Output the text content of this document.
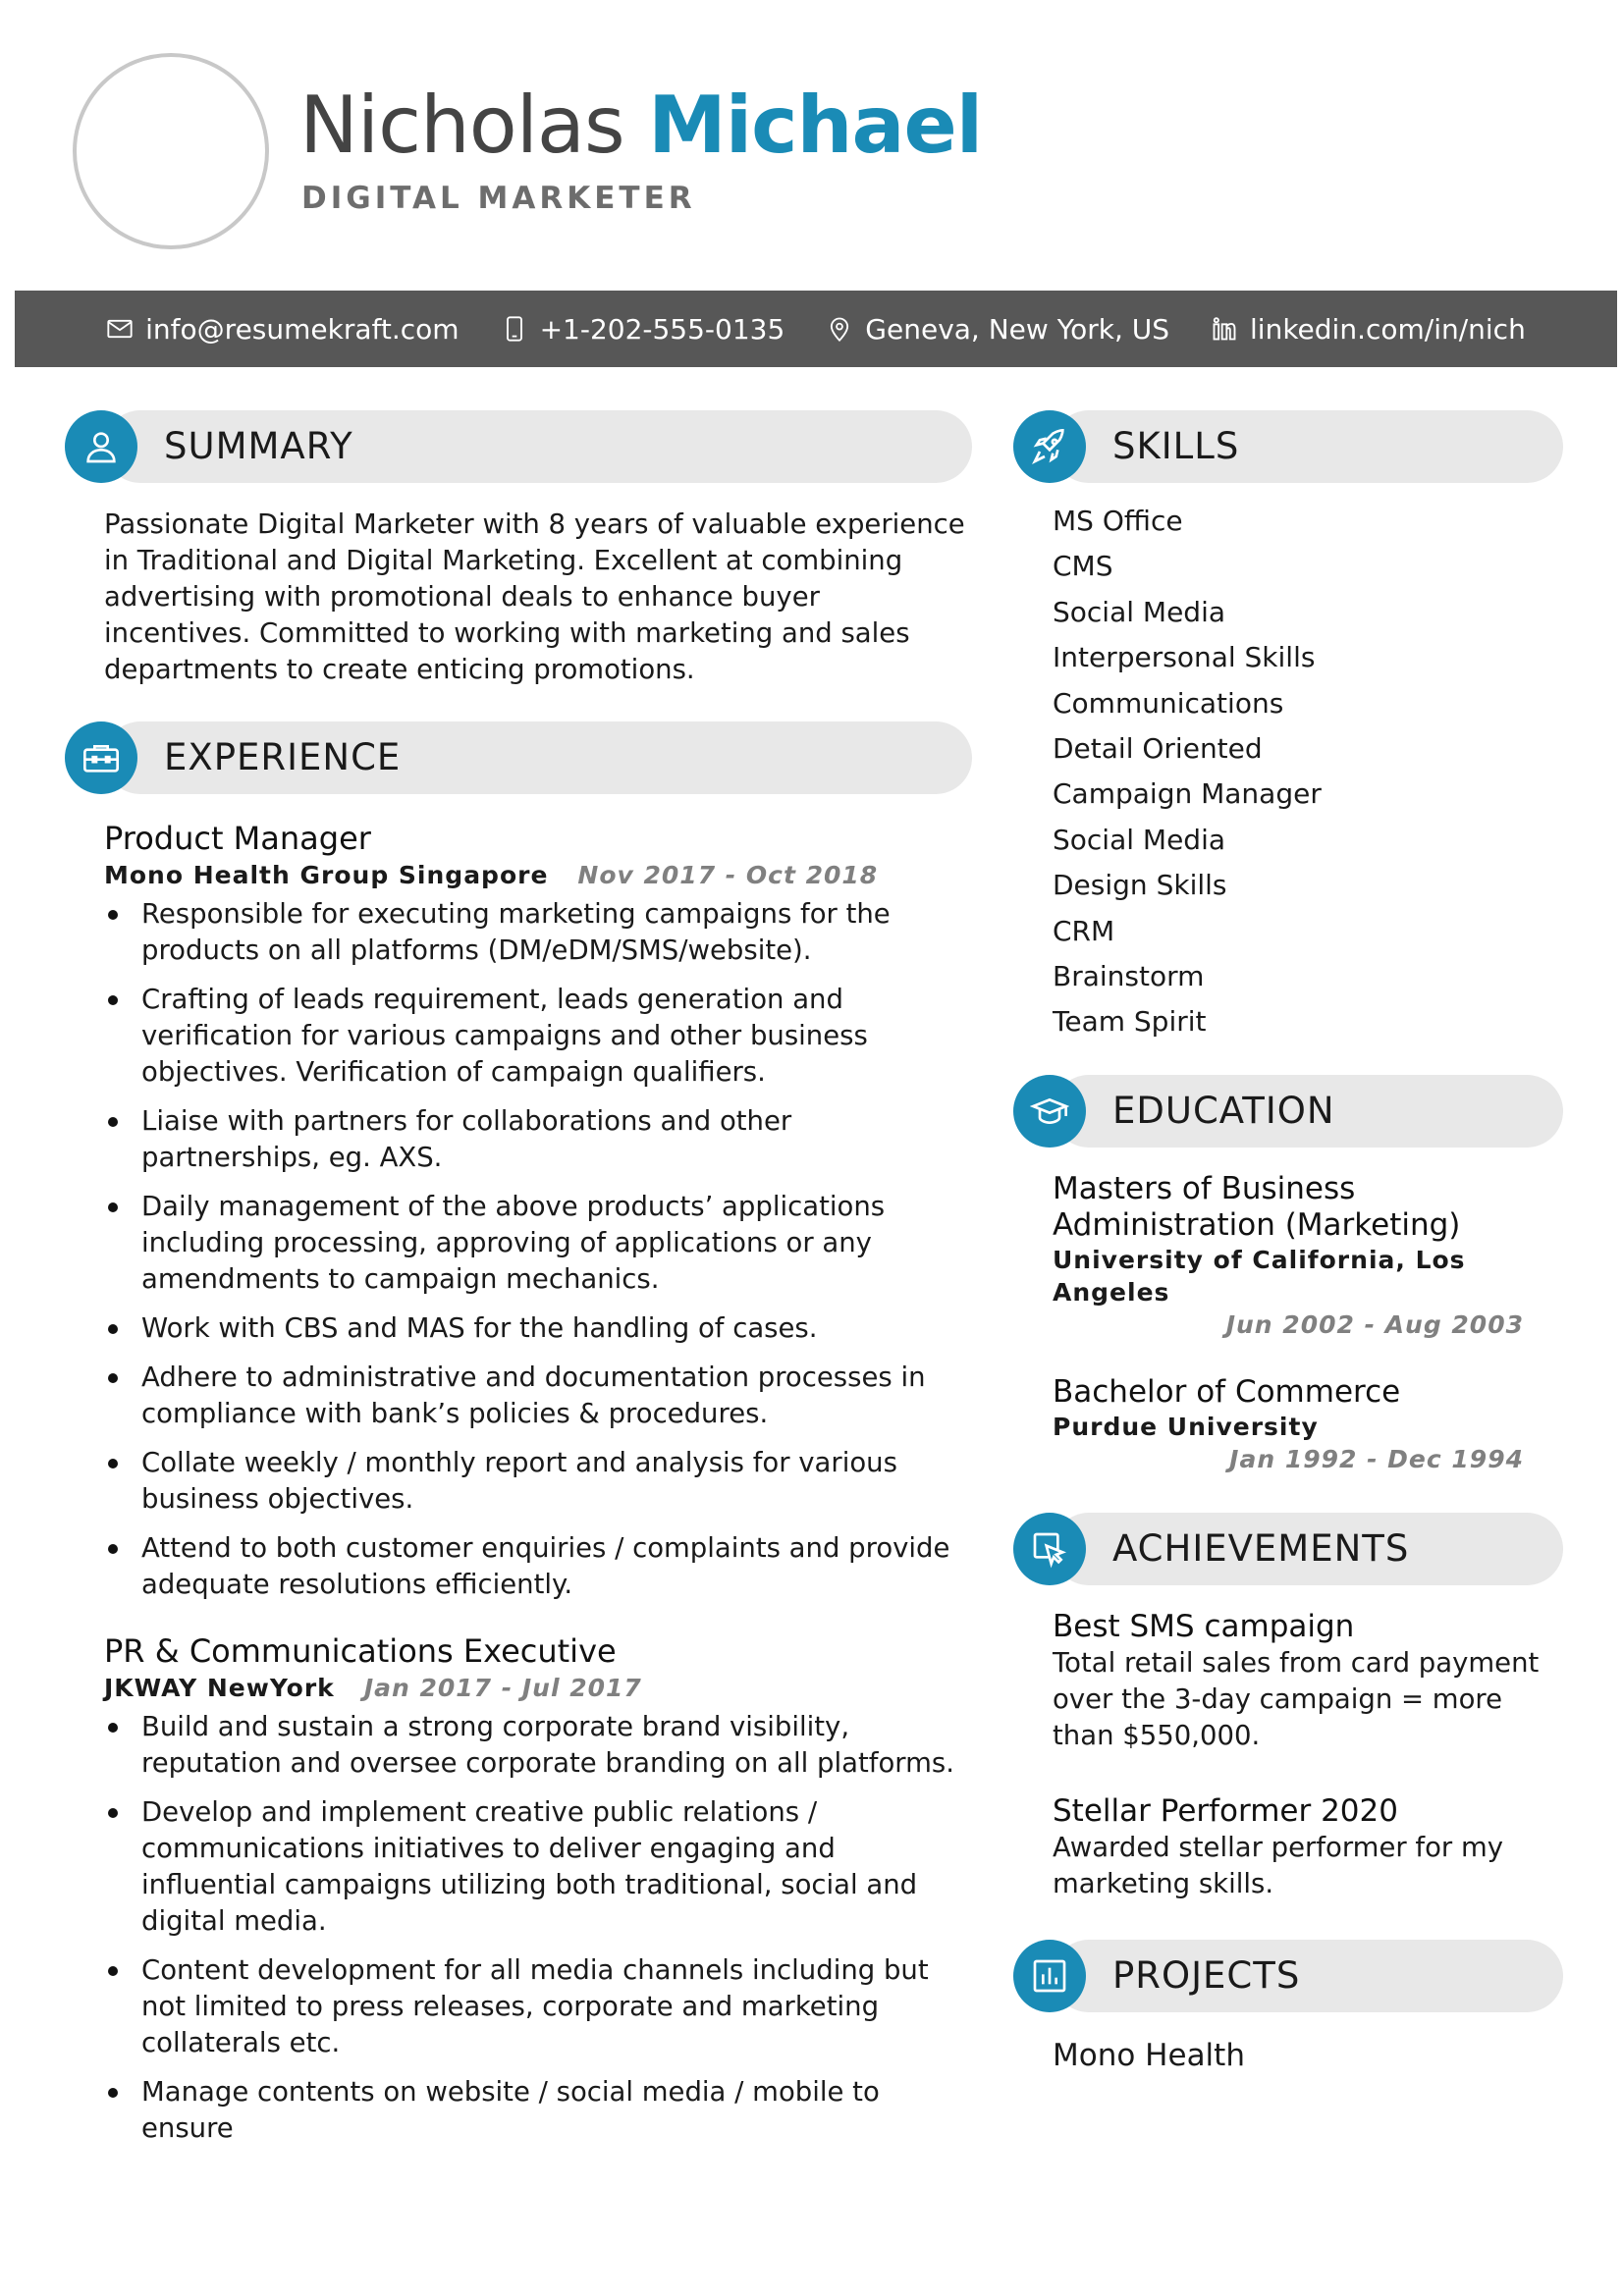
Nicholas Michael
DIGITAL MARKETER
info@resumekraft.com	+1-202-555-0135	Geneva, New York, US	linkedin.com/in/nich
SUMMARY

Passionate Digital Marketer with 8 years of valuable experience in Traditional and Digital Marketing. Excellent at combining advertising with promotional deals to enhance buyer incentives. Committed to working with marketing and sales departments to create enticing promotions.

EXPERIENCE
Product Manager
Mono Health Group Singapore Nov 2017 - Oct 2018
Responsible for executing marketing campaigns for the products on all platforms (DM/eDM/SMS/website).
Crafting of leads requirement, leads generation and verification for various campaigns and other business objectives. Verification of campaign qualifiers.
Liaise with partners for collaborations and other partnerships, eg. AXS.
Daily management of the above products’ applications including processing, approving of applications or any amendments to campaign mechanics.
Work with CBS and MAS for the handling of cases.
Adhere to administrative and documentation processes in compliance with bank’s policies & procedures.
Collate weekly / monthly report and analysis for various business objectives.
Attend to both customer enquiries / complaints and provide adequate resolutions efficiently.
PR & Communications Executive
JKWAY NewYork Jan 2017 - Jul 2017
Build and sustain a strong corporate brand visibility, reputation and oversee corporate branding on all platforms.
Develop and implement creative public relations / communications initiatives to deliver engaging and influential campaigns utilizing both traditional, social and digital media.
Content development for all media channels including but not limited to press releases, corporate and marketing collaterals etc.
Manage contents on website / social media / mobile to ensure
SKILLS
MS Office
CMS
Social Media
Interpersonal Skills
Communications
Detail Oriented
Campaign Manager
Social Media
Design Skills
CRM
Brainstorm
Team Spirit
EDUCATION
Masters of Business Administration (Marketing)
University of California, Los Angeles
Jun 2002 - Aug 2003
Bachelor of Commerce
Purdue University
Jan 1992 - Dec 1994
ACHIEVEMENTS
Best SMS campaign
Total retail sales from card payment over the 3-day campaign = more than $550,000.
Stellar Performer 2020
Awarded stellar performer for my marketing skills.
PROJECTS
Mono Health
